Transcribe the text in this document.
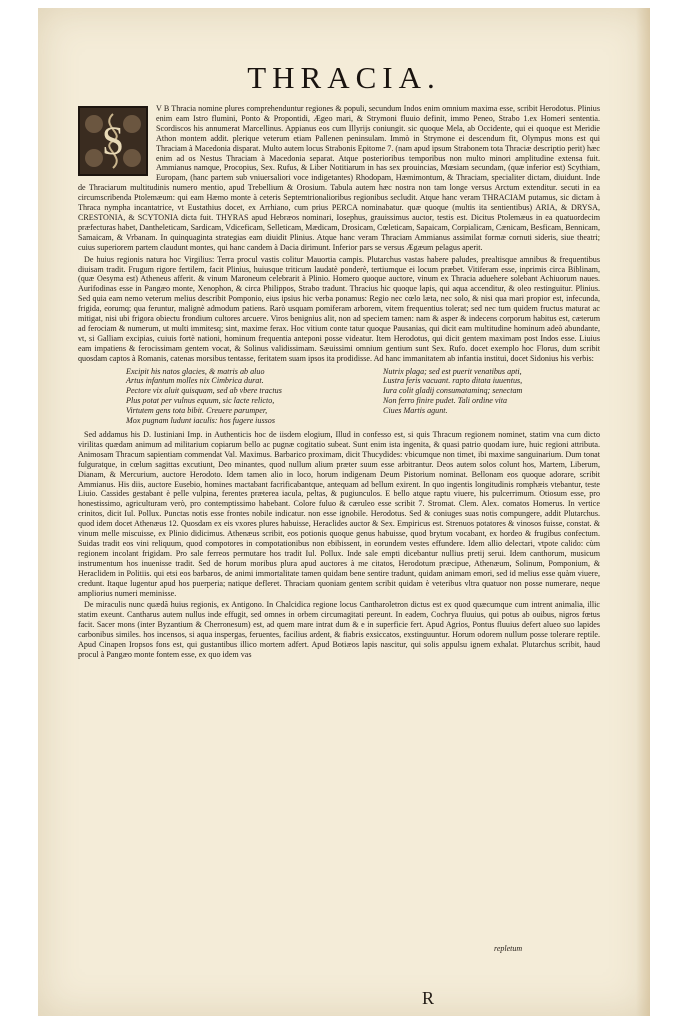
THRACIA.

S
V B Thracia nomine plures comprehenduntur regiones & populi, secundum Indos enim omnium maxima esse, scribit Herodotus. Plinius enim eam Istro flumini, Ponto & Propontidi, Ægeo mari, & Strymoni fluuio definit, immo Peneo, Strabo 1.ex Homeri sententia. Scordiscos his annumerat Marcellinus. Appianus eos cum Illyrijs coniungit. sic quoque Mela, ab Occidente, qui ei quoque est Meridie Athon montem addit. plerique veterum etiam Pallenen peninsulam. Immò in Strymone ei descendum fit, Olympus mons est qui Thraciam à Macedonia disparat. Multo autem locus Strabonis Epitome 7. (nam apud ipsum Strabonem tota Thraciæ descriptio perit) hæc enim ad os Nestus Thraciam à Macedonia separat. Atque posterioribus temporibus non multo minori amplitudine extensa fuit. Ammianus namque, Procopius, Sex. Rufus, & Liber Notitiarum in has sex prouincias, Mœsiam secundam, (quæ inferior est) Scythiam, Europam, (hanc partem sub vniuersaliori voce indigetantes) Rhodopam, Hæmimontum, & Thraciam, specialiter dictam, diuidunt. Inde de Thraciarum multitudinis numero mentio, apud Trebellium & Orosium. Tabula autem hæc nostra non tam longe versus Arctum extenditur. secuti in ea circumscribenda Ptolemæum: qui eam Hæmo monte à ceteris Septemtrionalioribus regionibus secludit. Atque hanc veram THRACIAM putamus, sic dictam à Thraca nympha incantatrice, vt Eustathius docet, ex Arrhiano, cum prius PERCA nominabatur. quæ quoque (multis ita sentientibus) ARIA, & DRYSA, CRESTONIA, & SCYTONIA dicta fuit. THYRAS apud Hebræos nominari, Iosephus, grauissimus auctor, testis est. Dicitus Ptolemæus in ea quatuordecim præfecturas habet, Dantheleticam, Sardicam, Vdiceficam, Selleticam, Mædicam, Drosicam, Cœleticam, Sapaicam, Corpialicam, Cænicam, Besficam, Bennicam, Samaicam, & Vrbanam. In quinquaginta strategias eam diuidit Plinius. Atque hanc veram Thraciam Ammianus assimilat formæ cornuti sideris, siue theatri; cuius superiorem partem claudunt montes, qui hanc candem à Dacia dirimunt. Inferior pars se versus Ægæum pelagus aperit.

De huius regionis natura hoc Virgilius: Terra procul vastis colitur Mauortia campis. Plutarchus vastas habere paludes, prealtisque amnibus & frequentibus diuisam tradit. Frugum rigore fertilem, facit Plinius, huiusque triticum laudatè ponderè, tertiumque ei locum præbet. Vitiferam esse, inprimis circa Biblinam, (quæ Oesyma est) Atheneus afferit. & vinum Maroneum celebrarit à Plinio. Homero quoque auctore, vinum ex Thracia aduehere solebant Achiuorum naues. Aurifodinas esse in Pangæo monte, Xenophon, & circa Philippos, Strabo tradunt. Thracius hic quoque lapis, qui aqua accenditur, & oleo restinguitur. Plinius. Sed quia eam nemo veterum melius describit Pomponio, eius ipsius hic verba ponamus: Regio nec cœlo læta, nec solo, & nisi qua mari propior est, infecunda, frigida, eorumq; qua feruntur, malignè admodum patiens. Rarò usquam pomiferam arborem, vitem frequentius tolerat; sed nec tum quidem fructus maturat ac mitigat, nisi ubi frigora obiectu frondium cultores arcuere. Viros benignius alit, non ad speciem tamen: nam & asper & indecens corporum habitus est, cæterum ad ferociam & numerum, ut multi immitesq; sint, maxime ferax. Hoc vitium conte tatur quoque Pausanias, qui dicit eam multitudine hominum adeò abundante, vt, si Galliam excipias, cuiuis fortè nationi, hominum frequentia anteponi posse videatur. Item Herodotus, qui dicit gentem maximam post Indos esse. Liuius eam impatiens & ferocissimam gentem vocat, & Solinus validissimam. Sæuissimi omnium gentium sunt Sex. Rufo. docet exemplo hoc Florus, dum scribit quosdam captos à Romanis, catenas morsibus tentasse, feritatem suam ipsos ita prodidisse. Ad hanc immanitatem ab infantia institui, docet Sidonius his verbis:

Excipit his natos glacies, & matris ab aluo	Nutrix plaga; sed est puerit venatibus apti,
Artus infantum molles nix Cimbrica durat.	Lustra feris vacuant. rapto ditata iuuentus,
Pectore vix aluit quisquam, sed ab vbere tractus	Iura colit gladij consumataminq; senectam
Plus potat per vulnus equum, sic lacte relicto,	Non ferro finire pudet. Tali ordine vita
Virtutem gens tota bibit. Creuere parumper,	Ciues Martis agunt.
Mox pugnam ludunt iaculis: hos fugere iussos

Sed addamus his D. Iustiniani Imp. in Authenticis hoc de iisdem elogium, Illud in confesso est, si quis Thracum regionem nominet, statim vna cum dicto virilitas quædam animum ad militarium copiarum bello ac pugnæ cogitatio subeat. Sunt enim ista ingenita, & quasi patrio quodam iure, huic regioni attributa. Animosam Thracum sapientiam commendat Val. Maximus. Barbarico proximam, dicit Thucydides: vbicumque non timet, ibi maxime sanguinarium. Dum tonat fulguratque, in cœlum sagittas excutiunt, Deo minantes, quod nullum alium præter suum esse arbitrantur. Deos autem solos colunt hos, Martem, Liberum, Dianam, & Mercurium, auctore Herodoto. Idem tamen alio in loco, horum indigenam Deum Pistorium nominat. Bellonam eos quoque adorare, scribit Ammianus. His diis, auctore Eusebio, homines mactabant facrificabantque, antequam ad bellum exirent. In quo ingentis longitudinis romphæis vtebantur, teste Liuio. Cassides gestabant è pelle vulpina, ferentes præterea iacula, peltas, & pugiunculos. E bello atque raptu viuere, his pulcerrimum. Otiosum esse, pro honestissimo, agriculturam verò, pro contemptissimo habebant. Colore fuluo & cæruleo esse scribit 7. Stromat. Clem. Alex. comatos Homerus. In vertice crinitos, dicit Iul. Pollux. Punctas notis esse frontes nobile indicatur. non esse ignobile. Herodotus. Sed & coniuges suas notis compungere, addit Plutarchus. quod idem docet Athenæus 12. Quosdam ex eis vxores plures habuisse, Heraclides auctor & Sex. Empiricus est. Strenuos potatores & vinosos fuisse, constat. & vinum melle miscuisse, ex Plinio didicimus. Athenæus scribit, eos potionis quoque genus habuisse, quod brytum vocabant, ex hordeo & frugibus confectum. Suidas tradit eos vini reliquum, quod compotores in compotationibus non ebibissent, in eorundem vestes effundere. Idem allio delectari, vtpote calido: cùm regionem incolant frigidam. Pro sale ferreos permutare hos tradit Iul. Pollux. Inde sale empti dicebantur nullius pretij serui. Idem canthorum, musicum instrumentum hos inuenisse tradit. Sed de horum moribus plura apud auctores à me citatos, Herodotum præcipue, Athenæum, Solinum, Pomponium, & Heraclidem in Politiis. qui etsi eos barbaros, de animi immortalitate tamen quidam bene sentire tradunt, quidam animam emori, sed id melius esse quàm viuere, credunt. Itaque lugentur apud hos puerperia; natique defleret. Thraciam quoniam gentem scribit quidam è veteribus vltra quatuor non posse numerare, neque ampliorius numeri meminisse.

De miraculis nunc quædã huius regionis, ex Antigono. In Chalcidica regione locus Cantharoletron dictus est ex quod quæcumque cum intrent animalia, illic statim exeunt. Cantharus autem nullus inde effugit, sed omnes in orbem circumagitati pereunt. In eadem, Cochrya fluuius, qui potus ab ouibus, nigros fœtus facit. Sacer mons (inter Byzantium & Cherronesum) est, ad quem mare intrat dum & e in superficie fert. Apud Agrios, Pontus fluuius defert alueo suo lapides carbonibus similes. hos incensos, si aqua inspergas, feruentes, facilius ardent, & fiabris exsiccatos, exstinguuntur. Horum odorem nullum posse tolerare reptile. Apud Cinapen Iropsos fons est, qui gustantibus illico mortem adfert. Apud Botiæos lapis nascitur, qui solis appulsu ignem exhalat. Plutarchus scribit, haud procul à Pangæo monte fontem esse, ex quo idem vas

repletum
R
